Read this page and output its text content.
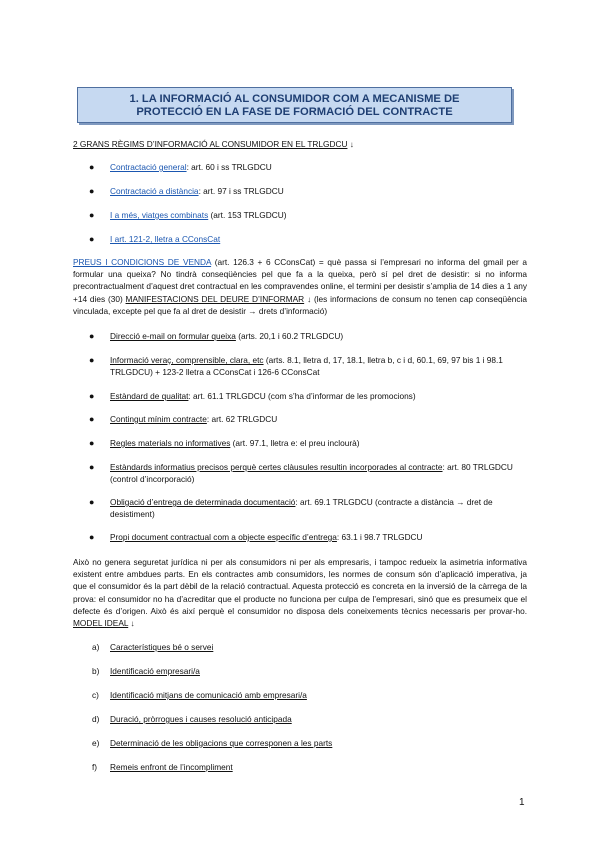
1. LA INFORMACIÓ AL CONSUMIDOR COM A MECANISME DE
PROTECCIÓ EN LA FASE DE FORMACIÓ DEL CONTRACTE
2 GRANS RÈGIMS D’INFORMACIÓ AL CONSUMIDOR EN EL TRLGDCU ↓
● Contractació general: art. 60 i ss TRLGDCU
● Contractació a distància: art. 97 i ss TRLGDCU
● I a més, viatges combinats (art. 153 TRLGDCU)
● I art. 121-2, lletra a CConsCat
PREUS I CONDICIONS DE VENDA (art. 126.3 + 6 CConsCat) = què passa si l’empresari no informa del gmail per a formular una queixa? No tindrà conseqüències pel que fa a la queixa, però sí pel dret de desistir: si no informa precontractualment d’aquest dret contractual en les compravendes online, el termini per desistir s’amplia de 14 dies a 1 any +14 dies (30) MANIFESTACIONS DEL DEURE D’INFORMAR ↓ (les informacions de consum no tenen cap conseqüència vinculada, excepte pel que fa al dret de desistir → drets d’informació)
● Direcció e-mail on formular queixa (arts. 20,1 i 60.2 TRLGDCU)
● Informació veraç, comprensible, clara, etc (arts. 8.1, lletra d, 17, 18.1, lletra b, c i d, 60.1, 69, 97 bis 1 i 98.1 TRLGDCU) + 123-2 lletra a CConsCat i 126-6 CConsCat
● Estàndard de qualitat: art. 61.1 TRLGDCU (com s’ha d’informar de les promocions)
● Contingut mínim contracte: art. 62 TRLGDCU
● Regles materials no informatives (art. 97.1, lletra e: el preu inclourà)
● Estàndards informatius precisos perquè certes clàusules resultin incorporades al contracte: art. 80 TRLGDCU (control d’incorporació)
● Obligació d’entrega de determinada documentació: art. 69.1 TRLGDCU (contracte a distància → dret de desistiment)
● Propi document contractual com a objecte específic d’entrega: 63.1 i 98.7 TRLGDCU
Això no genera seguretat jurídica ni per als consumidors ni per als empresaris, i tampoc redueix la asimetria informativa existent entre ambdues parts. En els contractes amb consumidors, les normes de consum són d’aplicació imperativa, ja que el consumidor és la part dèbil de la relació contractual. Aquesta protecció es concreta en la inversió de la càrrega de la prova: el consumidor no ha d’acreditar que el producte no funciona per culpa de l’empresari, sinó que es presumeix que el defecte és d’origen. Això és així perquè el consumidor no disposa dels coneixements tècnics necessaris per provar-ho. MODEL IDEAL ↓
a) Característiques bé o servei
b) Identificació empresari/a
c) Identificació mitjans de comunicació amb empresari/a
d) Duració, pròrrogues i causes resolució anticipada
e) Determinació de les obligacions que corresponen a les parts
f) Remeis enfront de l’incompliment
1
